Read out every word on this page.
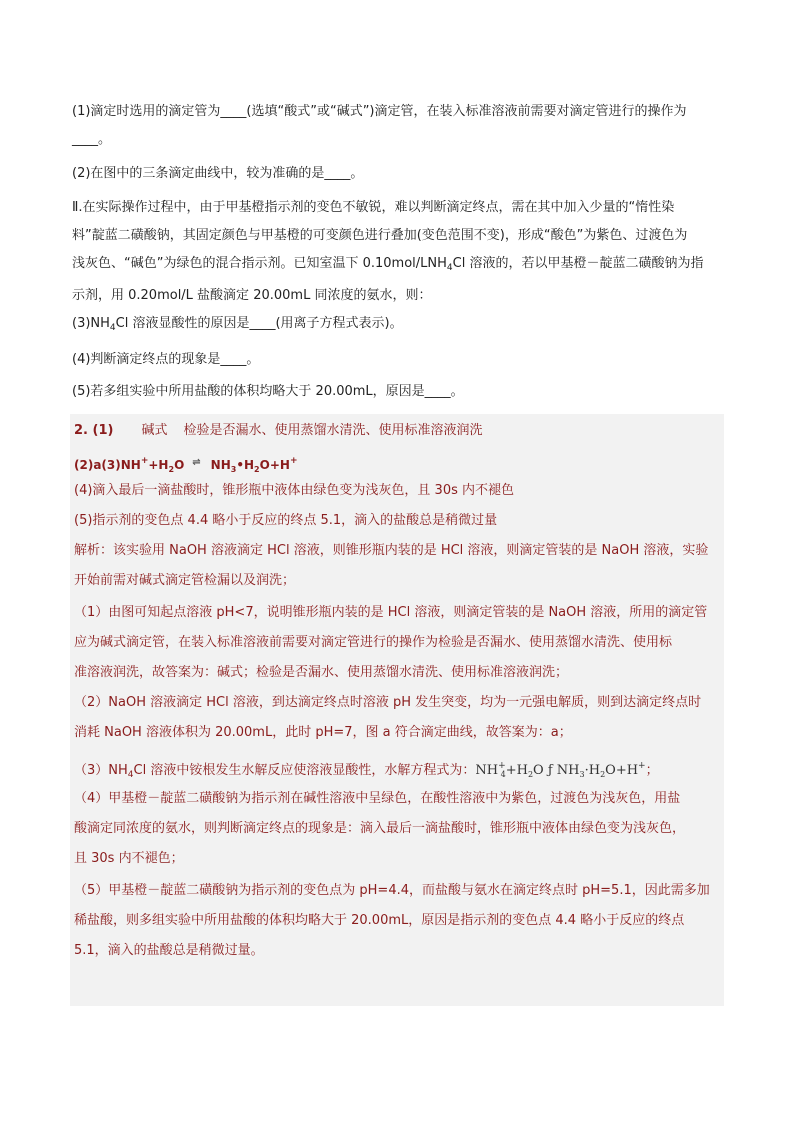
(1)滴定时选用的滴定管为____(选填“酸式”或“碱式”)滴定管，在装入标准溶液前需要对滴定管进行的操作为
____。
(2)在图中的三条滴定曲线中，较为准确的是____。
Ⅱ.在实际操作过程中，由于甲基橙指示剂的变色不敏锐，难以判断滴定终点，需在其中加入少量的“惰性染
料”靛蓝二磺酸钠，其固定颜色与甲基橙的可变颜色进行叠加(变色范围不变)，形成“酸色”为紫色、过渡色为
浅灰色、“碱色”为绿色的混合指示剂。已知室温下 $0.10mol/LNH_4Cl$ 溶液的，若以甲基橙－靛蓝二磺酸钠为指
示剂，用 0.20mol/L 盐酸滴定 20.00mL 同浓度的氨水，则：
$(3)NH_4Cl$ 溶液显酸性的原因是____(用离子方程式表示)。
(4)判断滴定终点的现象是____。
(5)若多组实验中所用盐酸的体积均略大于 20.00mL，原因是____。
2. (1) 碱式 检验是否漏水、使用蒸馏水清洗、使用标准溶液润洗
$(2)a(3)NH^++H_2O$ ⇌ $NH_3•H_2O+H^+$
(4)滴入最后一滴盐酸时，锥形瓶中液体由绿色变为浅灰色，且 30s 内不褪色
(5)指示剂的变色点 4.4 略小于反应的终点 5.1，滴入的盐酸总是稍微过量
解析：该实验用 NaOH 溶液滴定 HCl 溶液，则锥形瓶内装的是 HCl 溶液，则滴定管装的是 NaOH 溶液，实验
开始前需对碱式滴定管检漏以及润洗；
（1）由图可知起点溶液 pH<7，说明锥形瓶内装的是 HCl 溶液，则滴定管装的是 NaOH 溶液，所用的滴定管
应为碱式滴定管，在装入标准溶液前需要对滴定管进行的操作为检验是否漏水、使用蒸馏水清洗、使用标
准溶液润洗，故答案为：碱式；检验是否漏水、使用蒸馏水清洗、使用标准溶液润洗；
（2）NaOH 溶液滴定 HCl 溶液，到达滴定终点时溶液 pH 发生突变，均为一元强电解质，则到达滴定终点时
消耗 NaOH 溶液体积为 20.00mL，此时 pH=7，图 a 符合滴定曲线，故答案为：a；
$(3)NH_4Cl$ 溶液中铵根发生水解反应使溶液显酸性，水解方程式为：$NH^+_4+H_2O$ ƒ $NH_3\cdot H_2O+H^+$；
（4）甲基橙－靛蓝二磺酸钠为指示剂在碱性溶液中呈绿色，在酸性溶液中为紫色，过渡色为浅灰色，用盐
酸滴定同浓度的氨水，则判断滴定终点的现象是：滴入最后一滴盐酸时，锥形瓶中液体由绿色变为浅灰色，
且 30s 内不褪色；
（5）甲基橙－靛蓝二磺酸钠为指示剂的变色点为 pH=4.4，而盐酸与氨水在滴定终点时 pH=5.1，因此需多加
稀盐酸，则多组实验中所用盐酸的体积均略大于 20.00mL，原因是指示剂的变色点 4.4 略小于反应的终点
5.1，滴入的盐酸总是稍微过量。
